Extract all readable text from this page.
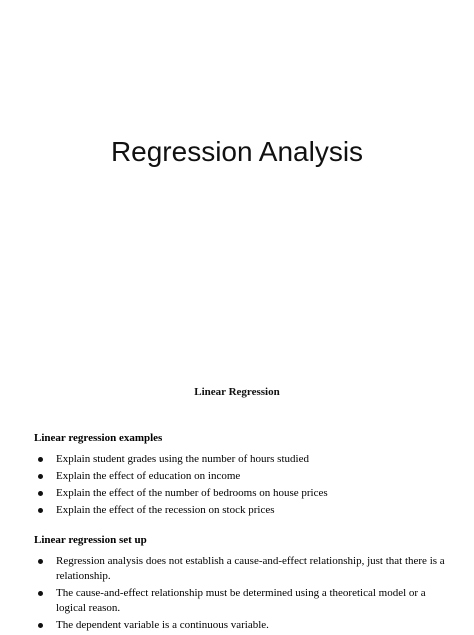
Regression Analysis

Linear Regression

Linear regression examples

Explain student grades using the number of hours studied
Explain the effect of education on income
Explain the effect of the number of bedrooms on house prices
Explain the effect of the recession on stock prices

Linear regression set up

Regression analysis does not establish a cause-and-effect relationship, just that there is a relationship.
The cause-and-effect relationship must be determined using a theoretical model or a logical reason.
The dependent variable is a continuous variable.
